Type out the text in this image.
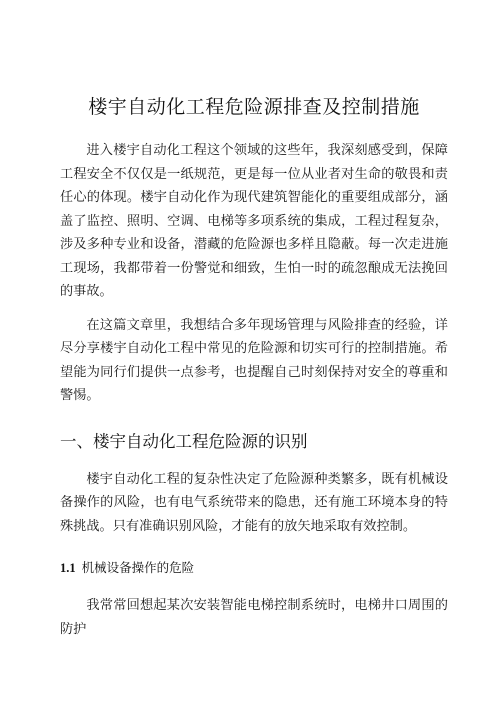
楼宇自动化工程危险源排查及控制措施

进入楼宇自动化工程这个领域的这些年，我深刻感受到，保障工程安全不仅仅是一纸规范，更是每一位从业者对生命的敬畏和责任心的体现。楼宇自动化作为现代建筑智能化的重要组成部分，涵盖了监控、照明、空调、电梯等多项系统的集成，工程过程复杂，涉及多种专业和设备，潜藏的危险源也多样且隐蔽。每一次走进施工现场，我都带着一份警觉和细致，生怕一时的疏忽酿成无法挽回的事故。

在这篇文章里，我想结合多年现场管理与风险排查的经验，详尽分享楼宇自动化工程中常见的危险源和切实可行的控制措施。希望能为同行们提供一点参考，也提醒自己时刻保持对安全的尊重和警惕。

一、楼宇自动化工程危险源的识别

楼宇自动化工程的复杂性决定了危险源种类繁多，既有机械设备操作的风险，也有电气系统带来的隐患，还有施工环境本身的特殊挑战。只有准确识别风险，才能有的放矢地采取有效控制。

1.1 机械设备操作的危险

我常常回想起某次安装智能电梯控制系统时，电梯井口周围的防护
